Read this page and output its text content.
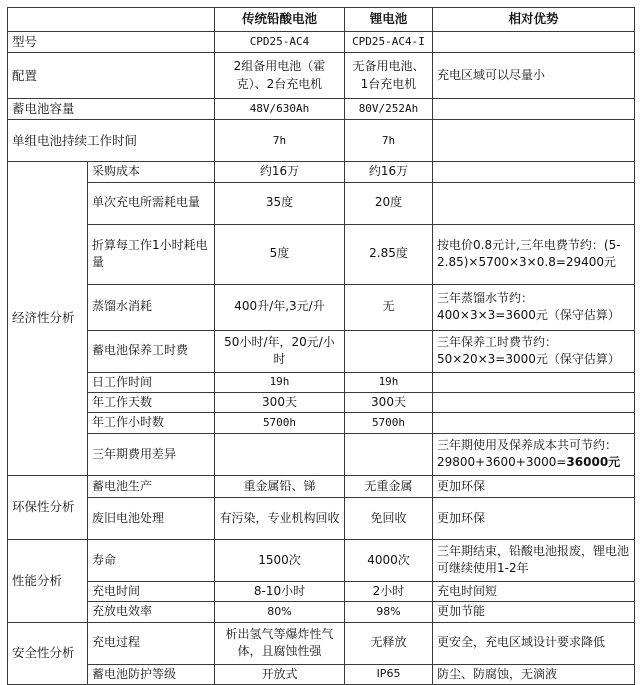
		传统铅酸电池	锂电池	相对优势
型号		CPD25-AC4	CPD25-AC4-I	
配置		2组备用电池（霍克）、2台充电机	无备用电池、1台充电机	充电区域可以尽量小
蓄电池容量		48V/630Ah	80V/252Ah	
单组电池持续工作时间		7h	7h	
经济性分析	采购成本	约16万	约16万	
	单次充电所需耗电量	35度	20度	
	折算每工作1小时耗电量	5度	2.85度	按电价0.8元计,三年电费节约：(5-2.85)×5700×3×0.8=29400元
	蒸馏水消耗	400升/年,3元/升	无	三年蒸馏水节约：400×3×3=3600元（保守估算）
	蓄电池保养工时费	50小时/年，20元/小时		三年保养工时费节约：50×20×3=3000元（保守估算）
	日工作时间	19h	19h	
	年工作天数	300天	300天	
	年工作小时数	5700h	5700h	
	三年期费用差异			三年期使用及保养成本共可节约：29800+3600+3000=36000元
环保性分析	蓄电池生产	重金属铅、锑	无重金属	更加环保
	废旧电池处理	有污染，专业机构回收	免回收	更加环保
性能分析	寿命	1500次	4000次	三年期结束，铅酸电池报废，锂电池可继续使用1-2年
	充电时间	8-10小时	2小时	充电时间短
	充放电效率	80%	98%	更加节能
安全性分析	充电过程	析出氢气等爆炸性气体，且腐蚀性强	无释放	更安全，充电区域设计要求降低
	蓄电池防护等级	开放式	IP65	防尘、防腐蚀，无滴液
